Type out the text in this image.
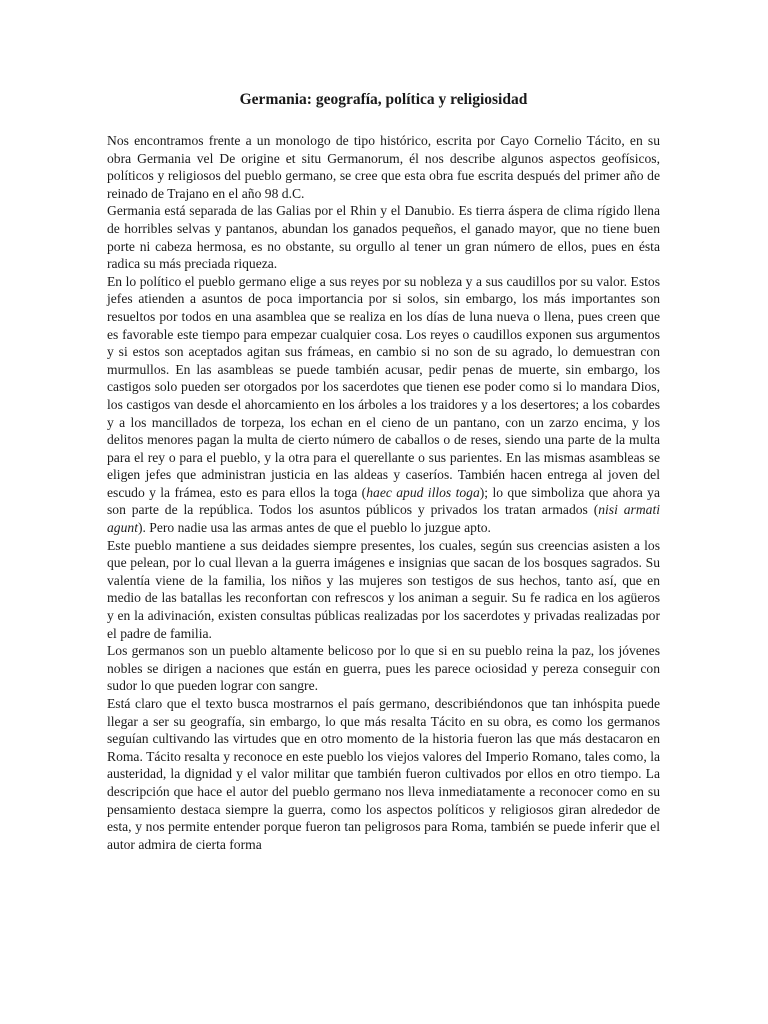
Germania: geografía, política y religiosidad

Nos encontramos frente a un monologo de tipo histórico, escrita por Cayo Cornelio Tácito, en su obra Germania vel De origine et situ Germanorum, él nos describe algunos aspectos geofísicos, políticos y religiosos del pueblo germano, se cree que esta obra fue escrita después del primer año de reinado de Trajano en el año 98 d.C.

Germania está separada de las Galias por el Rhin y el Danubio. Es tierra áspera de clima rígido llena de horribles selvas y pantanos, abundan los ganados pequeños, el ganado mayor, que no tiene buen porte ni cabeza hermosa, es no obstante, su orgullo al tener un gran número de ellos, pues en ésta radica su más preciada riqueza.

En lo político el pueblo germano elige a sus reyes por su nobleza y a sus caudillos por su valor. Estos jefes atienden a asuntos de poca importancia por si solos, sin embargo, los más importantes son resueltos por todos en una asamblea que se realiza en los días de luna nueva o llena, pues creen que es favorable este tiempo para empezar cualquier cosa. Los reyes o caudillos exponen sus argumentos y si estos son aceptados agitan sus frámeas, en cambio si no son de su agrado, lo demuestran con murmullos. En las asambleas se puede también acusar, pedir penas de muerte, sin embargo, los castigos solo pueden ser otorgados por los sacerdotes que tienen ese poder como si lo mandara Dios, los castigos van desde el ahorcamiento en los árboles a los traidores y a los desertores; a los cobardes y a los mancillados de torpeza, los echan en el cieno de un pantano, con un zarzo encima, y los delitos menores pagan la multa de cierto número de caballos o de reses, siendo una parte de la multa para el rey o para el pueblo, y la otra para el querellante o sus parientes. En las mismas asambleas se eligen jefes que administran justicia en las aldeas y caseríos. También hacen entrega al joven del escudo y la frámea, esto es para ellos la toga (haec apud illos toga); lo que simboliza que ahora ya son parte de la república. Todos los asuntos públicos y privados los tratan armados (nisi armati agunt). Pero nadie usa las armas antes de que el pueblo lo juzgue apto.

Este pueblo mantiene a sus deidades siempre presentes, los cuales, según sus creencias asisten a los que pelean, por lo cual llevan a la guerra imágenes e insignias que sacan de los bosques sagrados. Su valentía viene de la familia, los niños y las mujeres son testigos de sus hechos, tanto así, que en medio de las batallas les reconfortan con refrescos y los animan a seguir. Su fe radica en los agüeros y en la adivinación, existen consultas públicas realizadas por los sacerdotes y privadas realizadas por el padre de familia.

Los germanos son un pueblo altamente belicoso por lo que si en su pueblo reina la paz, los jóvenes nobles se dirigen a naciones que están en guerra, pues les parece ociosidad y pereza conseguir con sudor lo que pueden lograr con sangre.

Está claro que el texto busca mostrarnos el país germano, describiéndonos que tan inhóspita puede llegar a ser su geografía, sin embargo, lo que más resalta Tácito en su obra, es como los germanos seguían cultivando las virtudes que en otro momento de la historia fueron las que más destacaron en Roma. Tácito resalta y reconoce en este pueblo los viejos valores del Imperio Romano, tales como, la austeridad, la dignidad y el valor militar que también fueron cultivados por ellos en otro tiempo. La descripción que hace el autor del pueblo germano nos lleva inmediatamente a reconocer como en su pensamiento destaca siempre la guerra, como los aspectos políticos y religiosos giran alrededor de esta, y nos permite entender porque fueron tan peligrosos para Roma, también se puede inferir que el autor admira de cierta forma
